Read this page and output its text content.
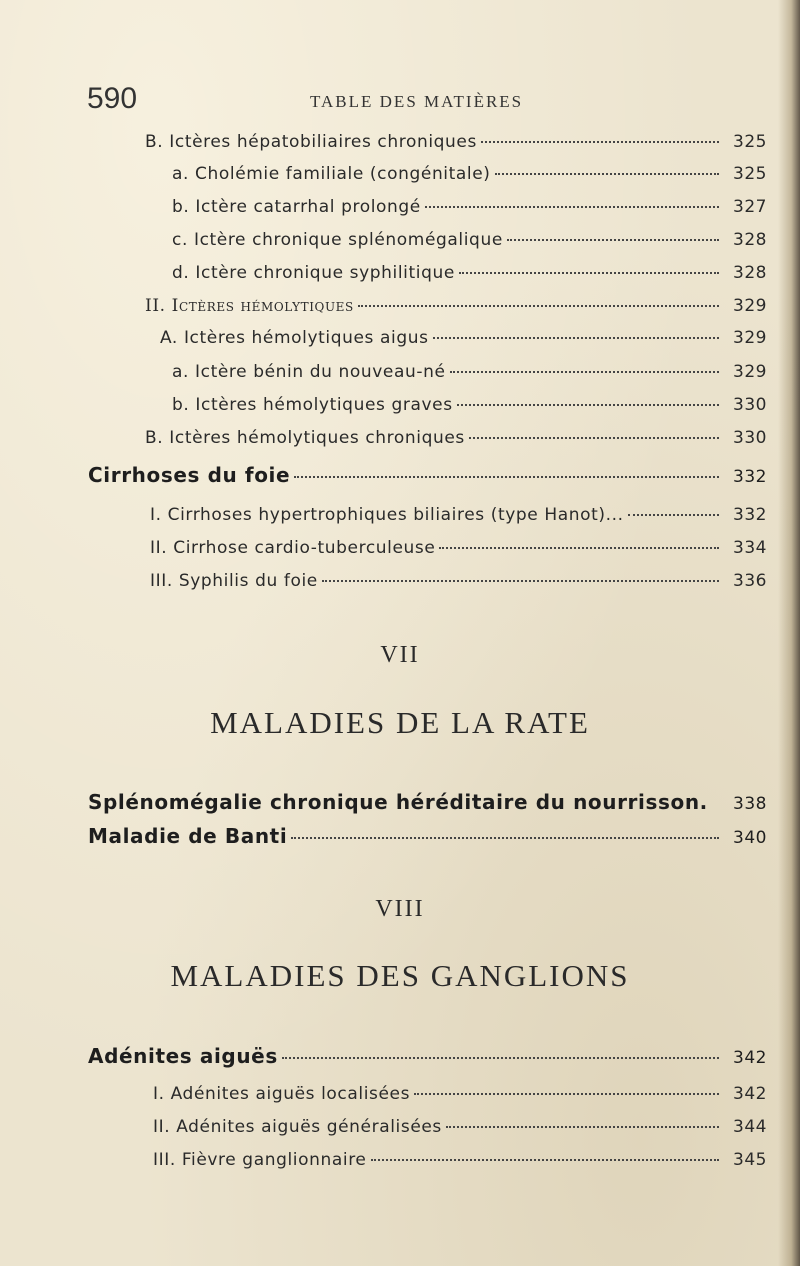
590	TABLE DES MATIÈRES
B. Ictères hépatobiliaires chroniques	325
a. Cholémie familiale (congénitale)	325
b. Ictère catarrhal prolongé	327
c. Ictère chronique splénomégalique	328
d. Ictère chronique syphilitique	328
II. Ictères hémolytiques	329
A. Ictères hémolytiques aigus	329
a. Ictère bénin du nouveau-né	329
b. Ictères hémolytiques graves	330
B. Ictères hémolytiques chroniques	330
Cirrhoses du foie	332
I. Cirrhoses hypertrophiques biliaires (type Hanot)...	332
II. Cirrhose cardio-tuberculeuse	334
III. Syphilis du foie	336
VII
MALADIES DE LA RATE
Splénomégalie chronique héréditaire du nourrisson.	338
Maladie de Banti	340
VIII
MALADIES DES GANGLIONS
Adénites aiguës	342
I. Adénites aiguës localisées	342
II. Adénites aiguës généralisées	344
III. Fièvre ganglionnaire	345
